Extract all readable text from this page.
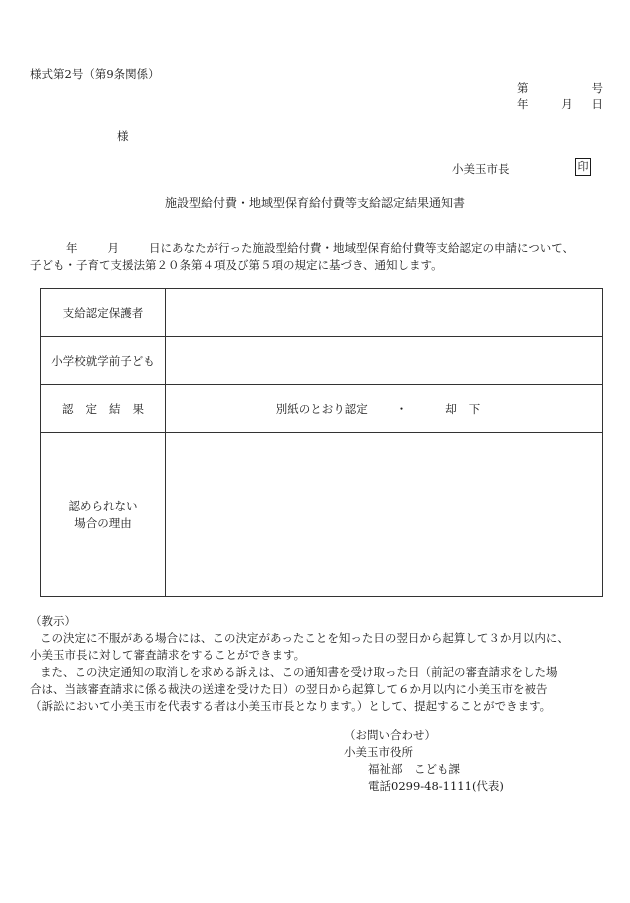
様式第2号（第9条関係）
第	号
年	月 日
様
小美玉市長	印
施設型給付費・地域型保育給付費等支給認定結果通知書
年	月	日にあなたが行った施設型給付費・地域型保育給付費等支給認定の申請について、
子ども・子育て支援法第２０条第４項及び第５項の規定に基づき、通知します。
支給認定保護者	
小学校就学前子ども	
認定結果	別紙のとおり認定 ・ 却下

認められない
場合の理由	

（教示）

この決定に不服がある場合には、この決定があったことを知った日の翌日から起算して３か月以内に、

小美玉市長に対して審査請求をすることができます。

また、この決定通知の取消しを求める訴えは、この通知書を受け取った日（前記の審査請求をした場

合は、当該審査請求に係る裁決の送達を受けた日）の翌日から起算して６か月以内に小美玉市を被告

（訴訟において小美玉市を代表する者は小美玉市長となります。）として、提起することができます。

（お問い合わせ）
小美玉市役所
福祉部　こども課
電話0299-48-1111(代表)
